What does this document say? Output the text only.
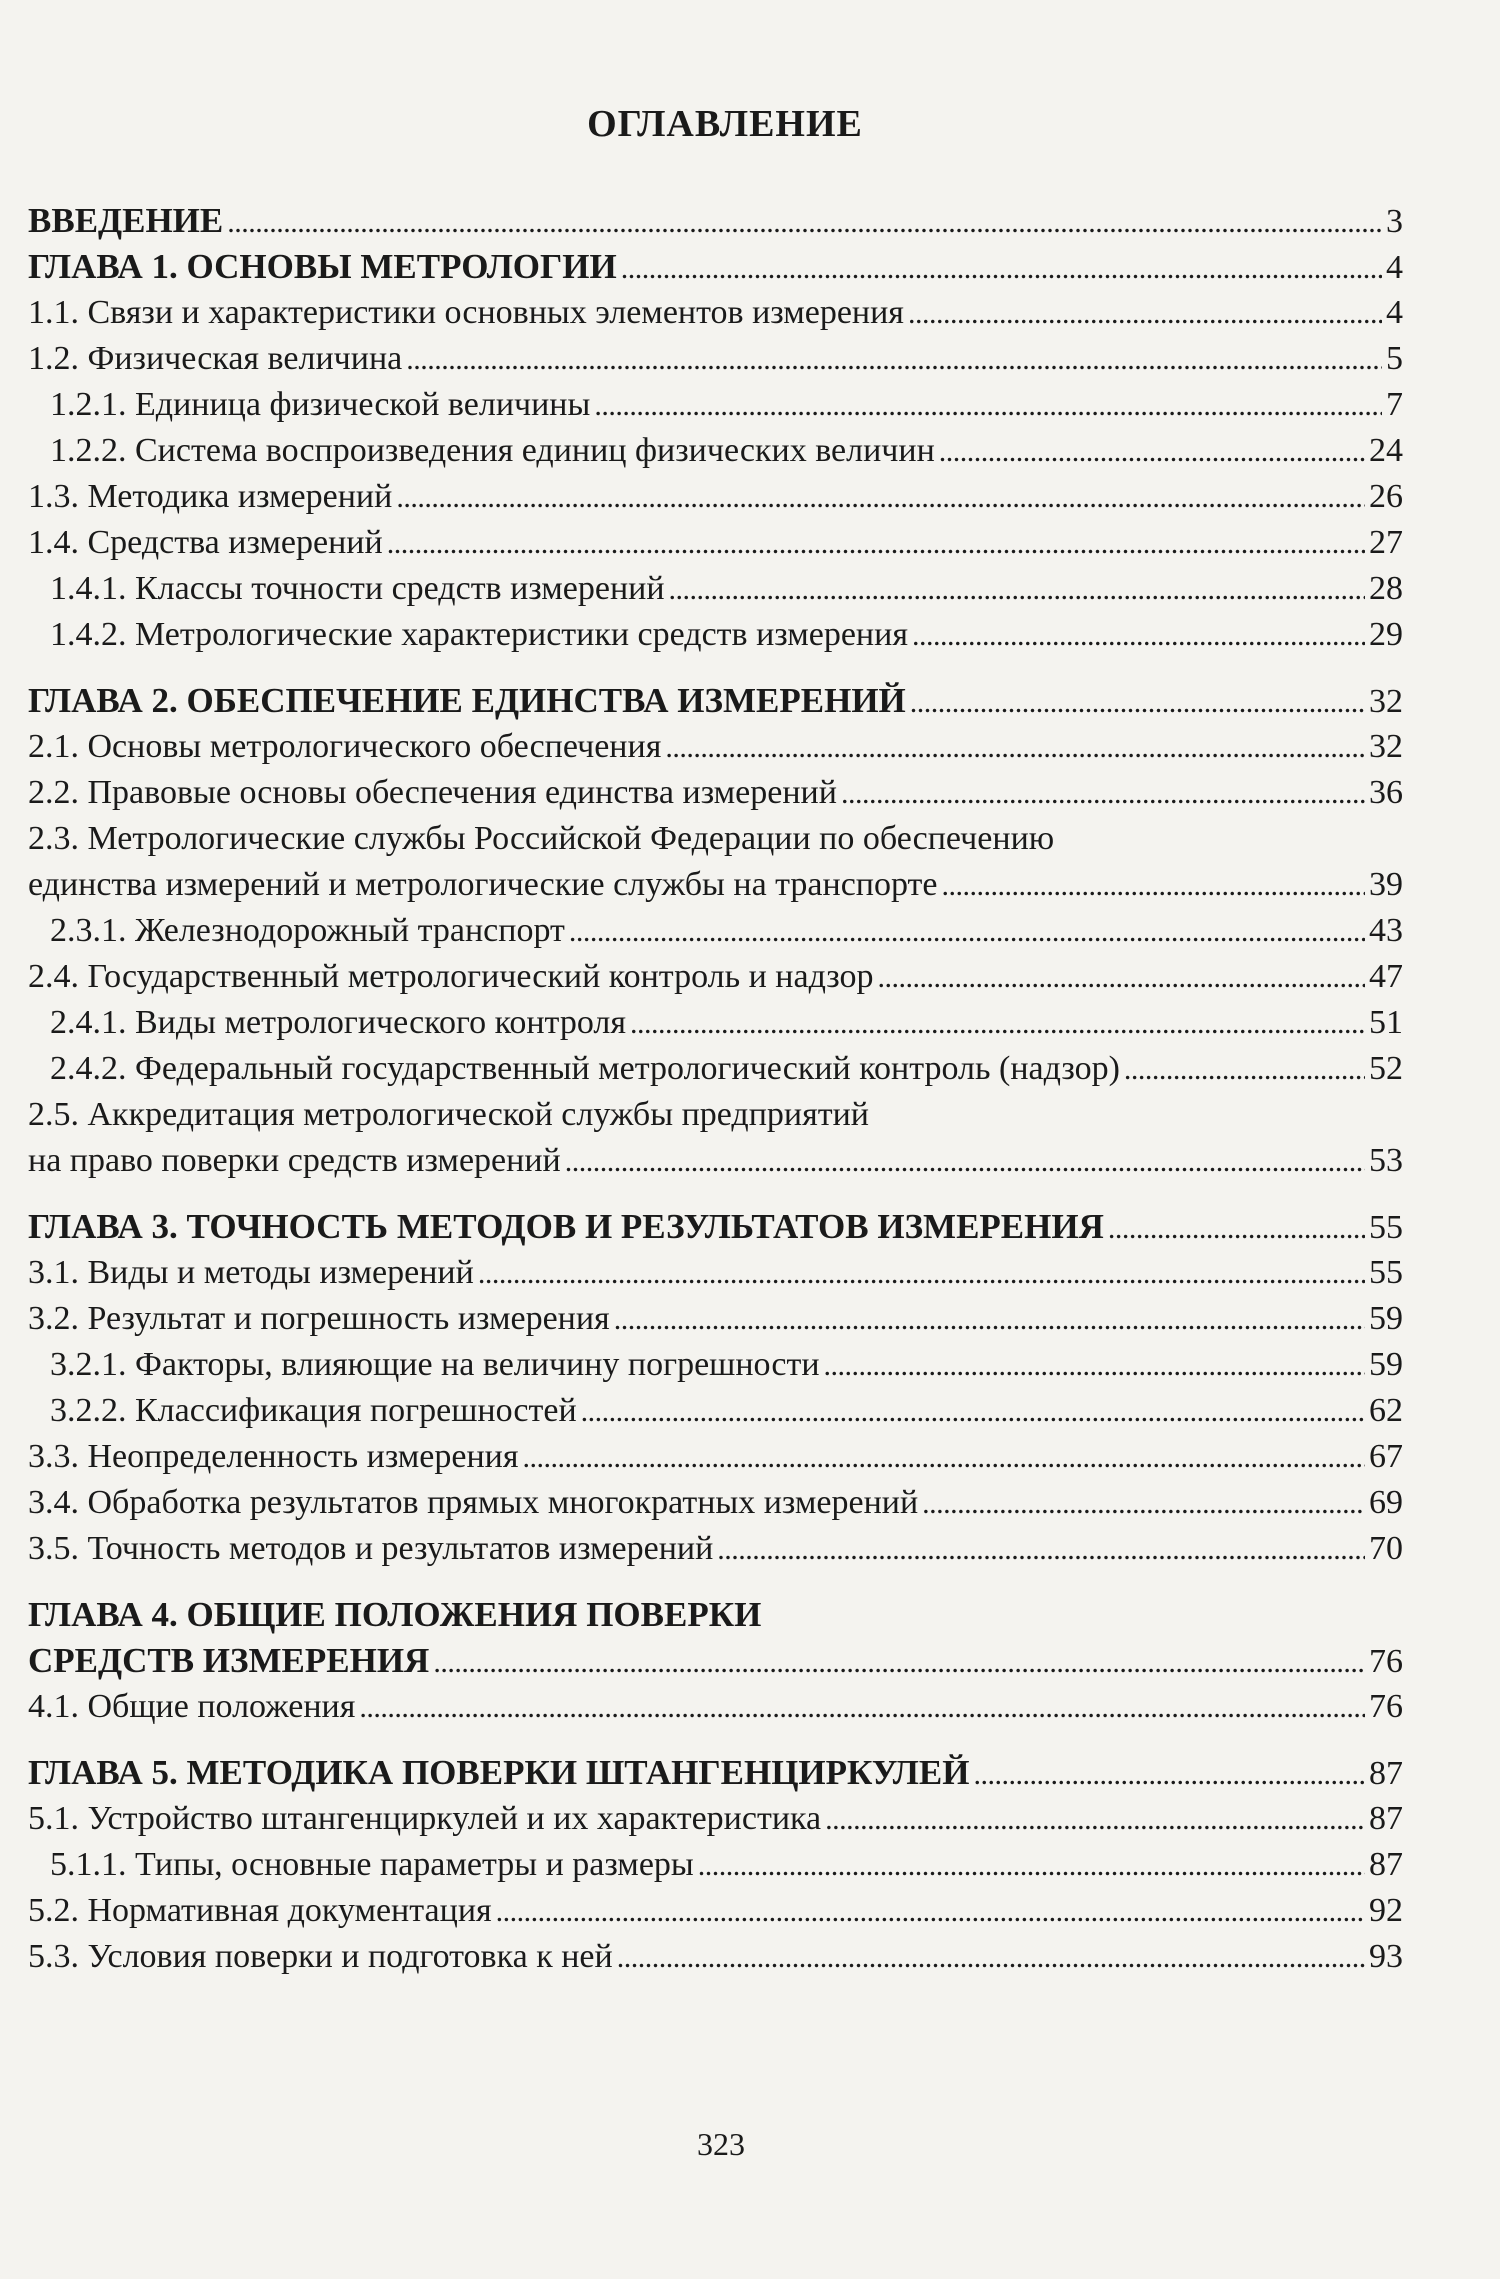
ОГЛАВЛЕНИЕ
ВВЕДЕНИЕ . . .	3
ГЛАВА 1. ОСНОВЫ МЕТРОЛОГИИ . . .	4
1.1. Связи и характеристики основных элементов измерения . . .	4
1.2. Физическая величина . . .	5
1.2.1. Единица физической величины . . .	7
1.2.2. Система воспроизведения единиц физических величин . . .	24
1.3. Методика измерений . . .	26
1.4. Средства измерений . . .	27
1.4.1. Классы точности средств измерений . . .	28
1.4.2. Метрологические характеристики средств измерения . . .	29
ГЛАВА 2. ОБЕСПЕЧЕНИЕ ЕДИНСТВА ИЗМЕРЕНИЙ . . .	32
2.1. Основы метрологического обеспечения . . .	32
2.2. Правовые основы обеспечения единства измерений . . .	36
2.3. Метрологические службы Российской Федерации по обеспечению
единства измерений и метрологические службы на транспорте . . .	39
2.3.1. Железнодорожный транспорт . . .	43
2.4. Государственный метрологический контроль и надзор . . .	47
2.4.1. Виды метрологического контроля . . .	51
2.4.2. Федеральный государственный метрологический контроль (надзор) . . .	52
2.5. Аккредитация метрологической службы предприятий
на право поверки средств измерений . . .	53
ГЛАВА 3. ТОЧНОСТЬ МЕТОДОВ И РЕЗУЛЬТАТОВ ИЗМЕРЕНИЯ . . .	55
3.1. Виды и методы измерений . . .	55
3.2. Результат и погрешность измерения . . .	59
3.2.1. Факторы, влияющие на величину погрешности . . .	59
3.2.2. Классификация погрешностей . . .	62
3.3. Неопределенность измерения . . .	67
3.4. Обработка результатов прямых многократных измерений . . .	69
3.5. Точность методов и результатов измерений . . .	70
ГЛАВА 4. ОБЩИЕ ПОЛОЖЕНИЯ ПОВЕРКИ
СРЕДСТВ ИЗМЕРЕНИЯ . . .	76
4.1. Общие положения . . .	76
ГЛАВА 5. МЕТОДИКА ПОВЕРКИ ШТАНГЕНЦИРКУЛЕЙ . . .	87
5.1. Устройство штангенциркулей и их характеристика . . .	87
5.1.1. Типы, основные параметры и размеры . . .	87
5.2. Нормативная документация . . .	92
5.3. Условия поверки и подготовка к ней . . .	93
323
